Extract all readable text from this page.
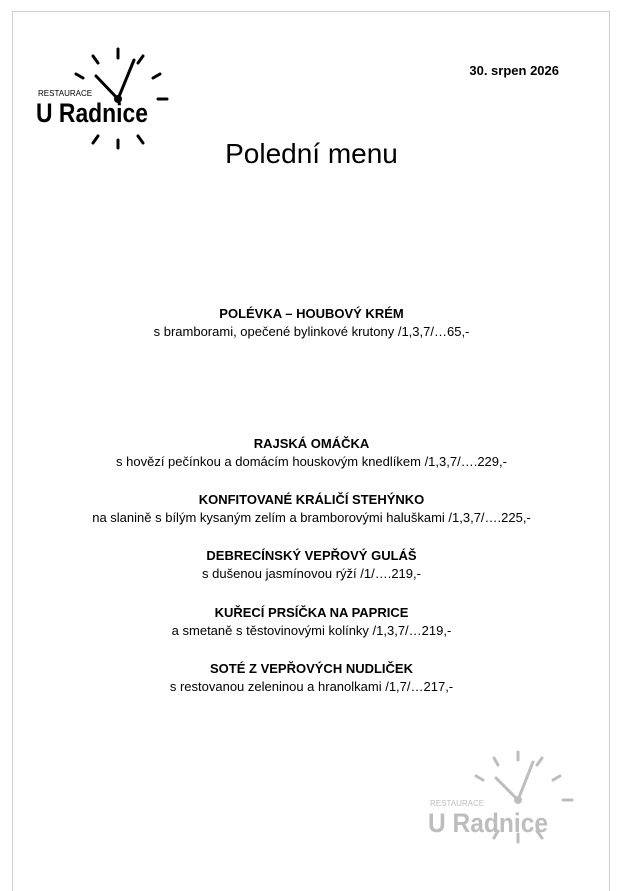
RESTAURACE
U Radnice
30. srpen 2026
Polední menu
POLÉVKA – HOUBOVÝ KRÉM
s bramborami, opečené bylinkové krutony /1,3,7/…65,-
RAJSKÁ OMÁČKA
s hovězí pečínkou a domácím houskovým knedlíkem /1,3,7/….229,-
KONFITOVANÉ KRÁLIČÍ STEHÝNKO
na slanině s bílým kysaným zelím a bramborovými haluškami /1,3,7/….225,-
DEBRECÍNSKÝ VEPŘOVÝ GULÁŠ
s dušenou jasmínovou rýží /1/….219,-
KUŘECÍ PRSÍČKA NA PAPRICE
a smetaně s těstovinovými kolínky /1,3,7/…219,-
SOTÉ Z VEPŘOVÝCH NUDLIČEK
s restovanou zeleninou a hranolkami /1,7/…217,-
RESTAURACE
U Radnice
